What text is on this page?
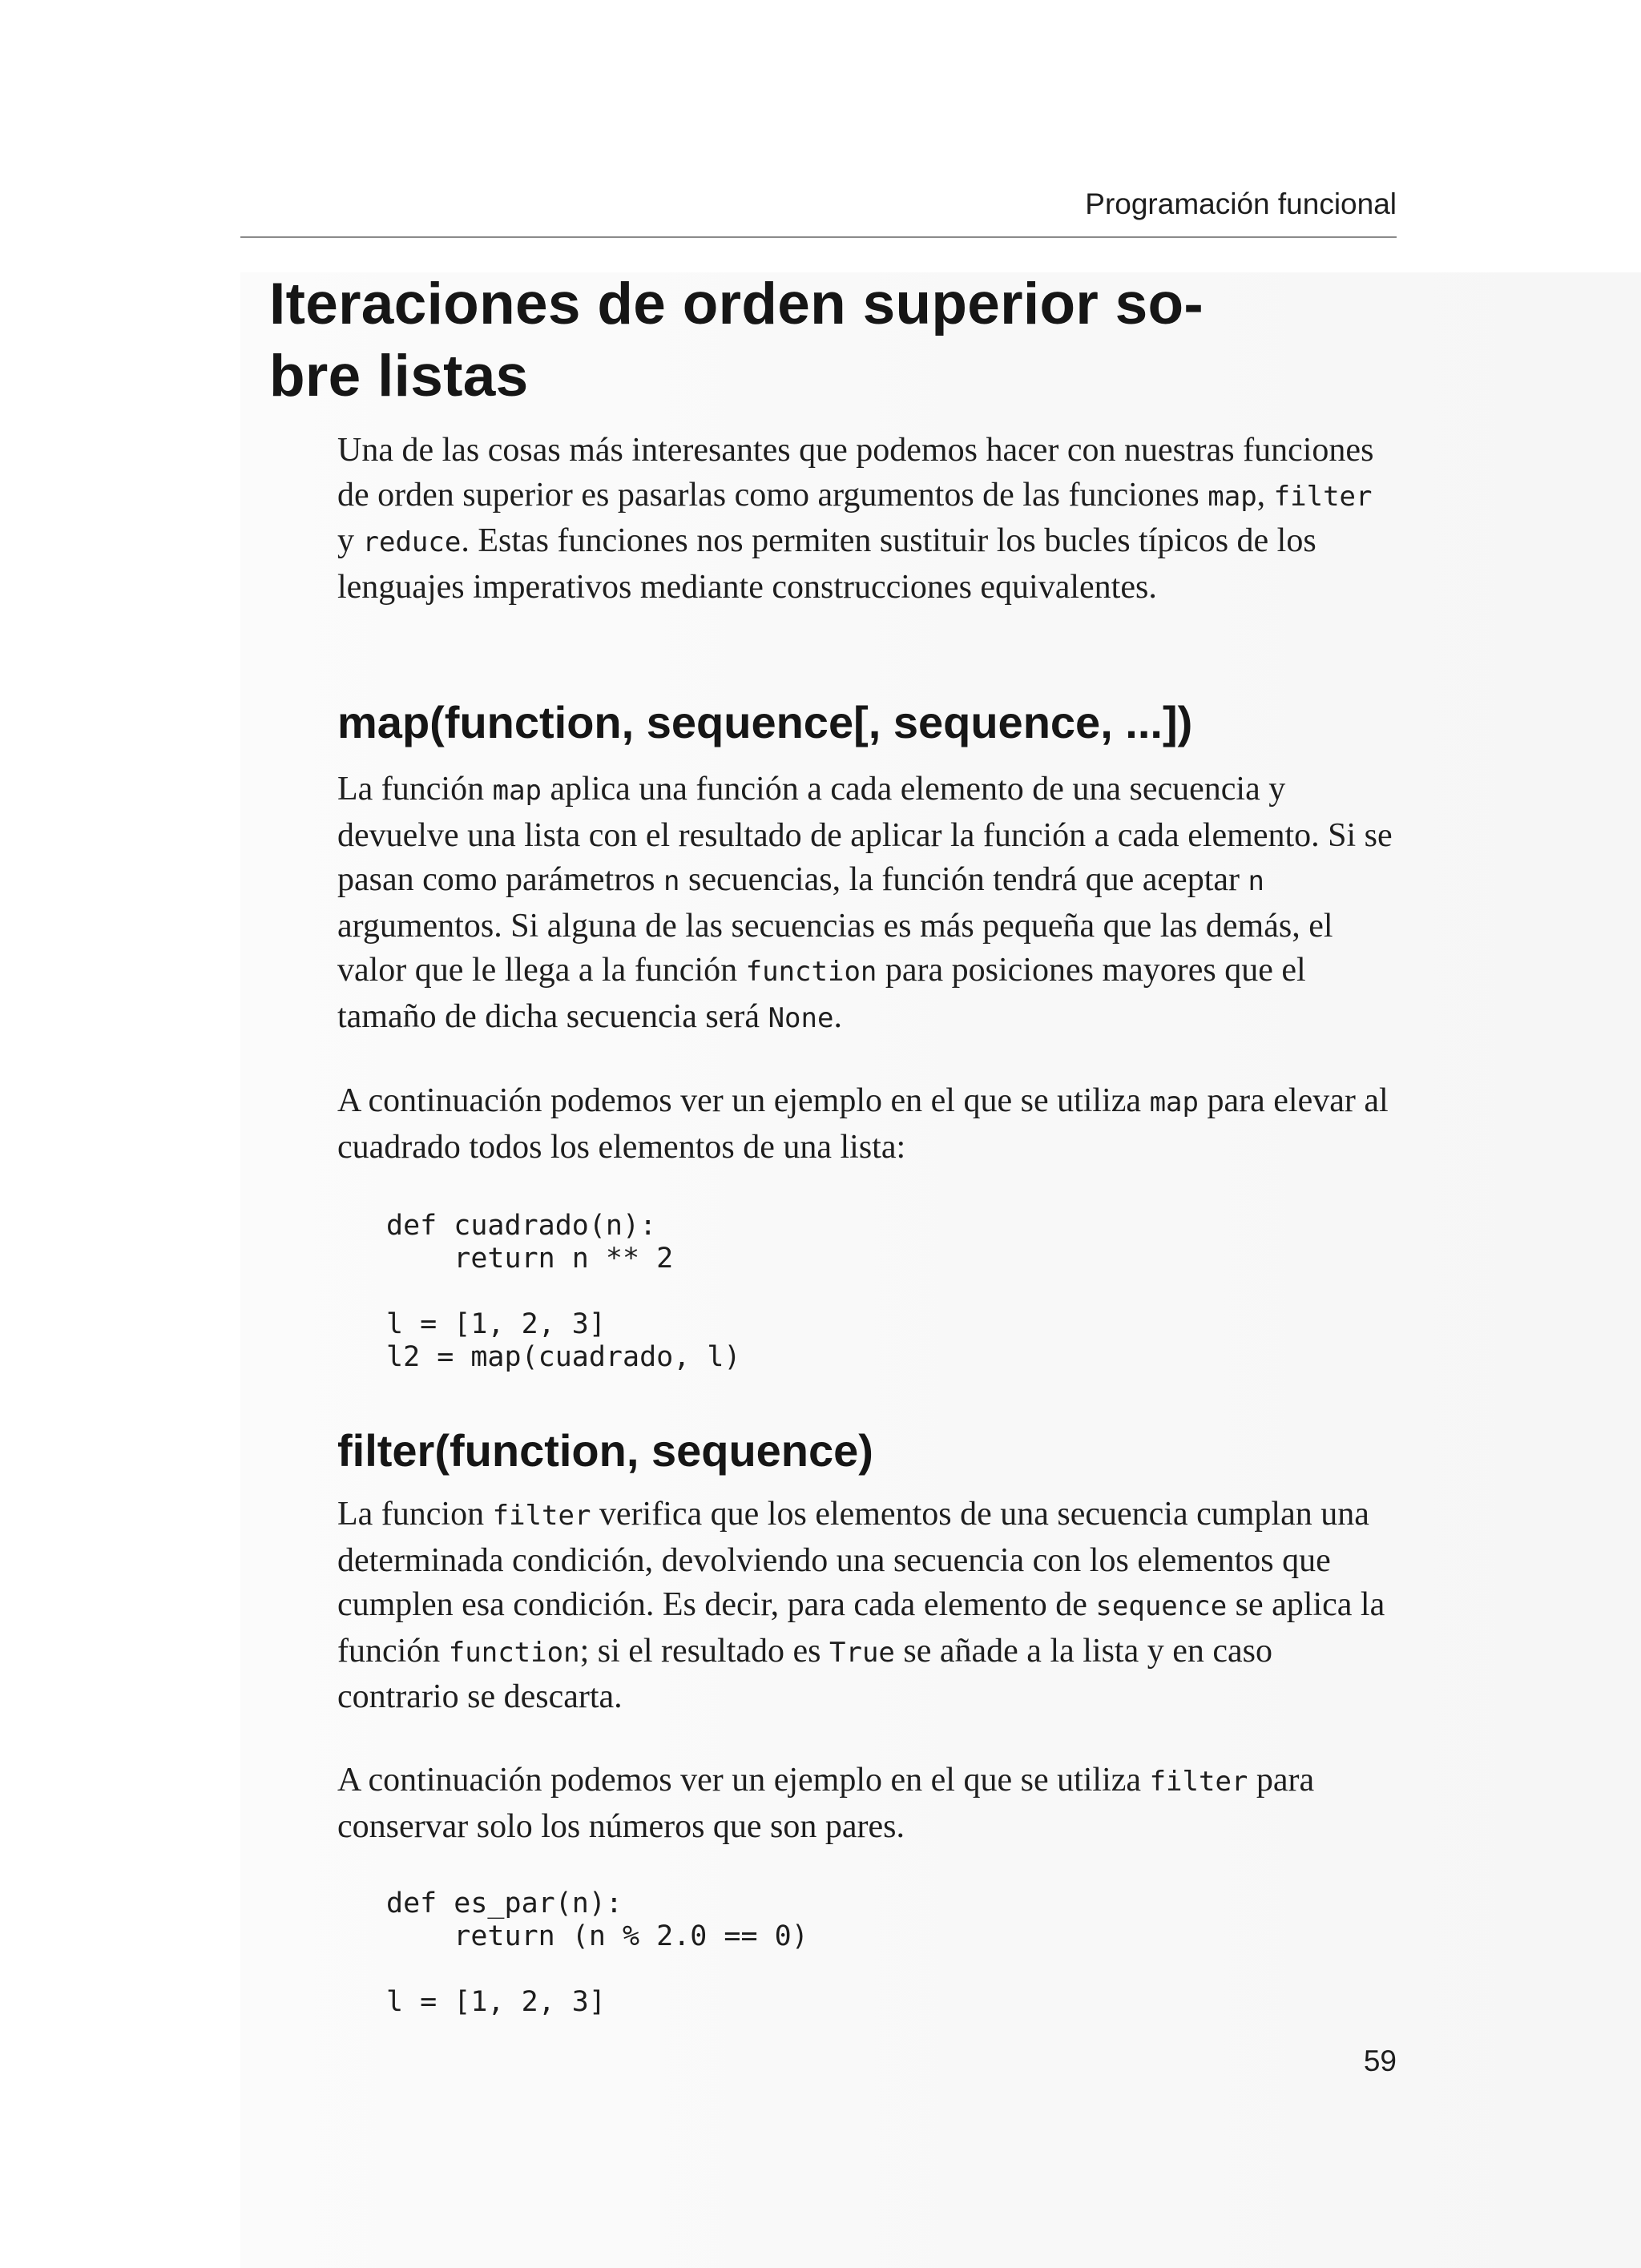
Programación funcional
Iteraciones de orden superior so-
bre listas

Una de las cosas más interesantes que podemos hacer con nuestras funciones de orden superior es pasarlas como argumentos de las funciones map, filter y reduce. Estas funciones nos permiten sustituir los bucles típicos de los lenguajes imperativos mediante construcciones equivalentes.

map(function, sequence[, sequence, ...])

La función map aplica una función a cada elemento de una secuencia y devuelve una lista con el resultado de aplicar la función a cada elemento. Si se pasan como parámetros n secuencias, la función tendrá que aceptar n argumentos. Si alguna de las secuencias es más pequeña que las demás, el valor que le llega a la función function para posiciones mayores que el tamaño de dicha secuencia será None.

A continuación podemos ver un ejemplo en el que se utiliza map para elevar al cuadrado todos los elementos de una lista:

def cuadrado(n):
return n ** 2

l = [1, 2, 3]
l2 = map(cuadrado, l)
filter(function, sequence)

La funcion filter verifica que los elementos de una secuencia cumplan una determinada condición, devolviendo una secuencia con los elementos que cumplen esa condición. Es decir, para cada elemento de sequence se aplica la función function; si el resultado es True se añade a la lista y en caso contrario se descarta.

A continuación podemos ver un ejemplo en el que se utiliza filter para conservar solo los números que son pares.

def es_par(n):
return (n % 2.0 == 0)

l = [1, 2, 3]
59
